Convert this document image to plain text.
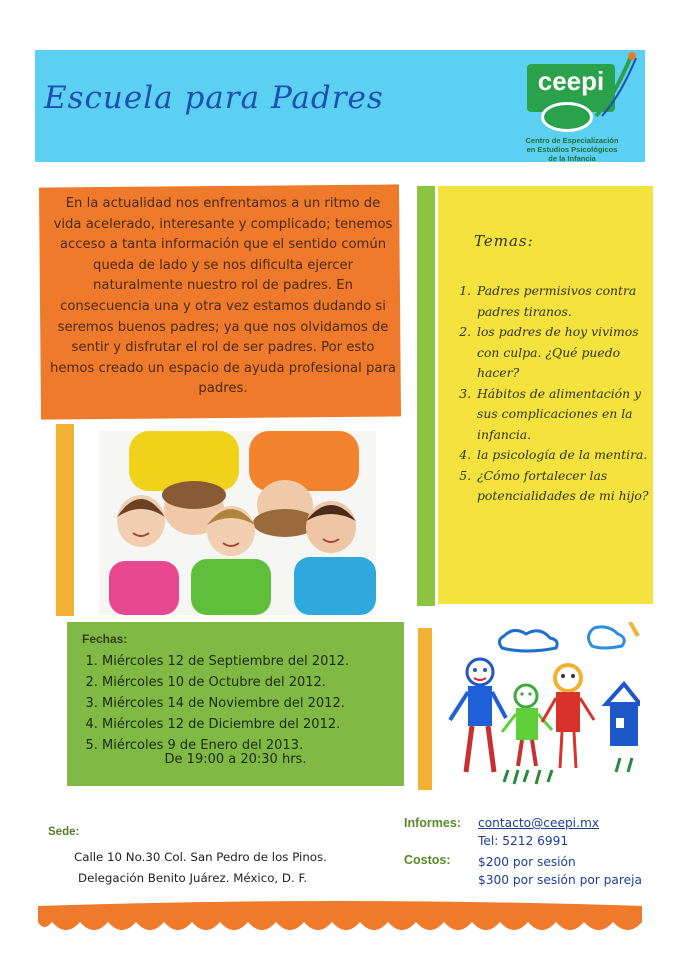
Escuela para Padres	ceepi
Centro de Especialización
en Estudios Psicológicos
de la Infancia

En la actualidad nos enfrentamos a un ritmo de vida acelerado, interesante y complicado; tenemos acceso a tanta información que el sentido común queda de lado y se nos dificulta ejercer naturalmente nuestro rol de padres. En consecuencia una y otra vez estamos dudando si seremos buenos padres; ya que nos olvidamos de sentir y disfrutar el rol de ser padres. Por esto hemos creado un espacio de ayuda profesional para padres.

Temas:
1. Padres permisivos contra padres tiranos.
2. los padres de hoy vivimos con culpa. ¿Qué puedo hacer?
3. Hábitos de alimentación y sus complicaciones en la infancia.
4. la psicología de la mentira.
5. ¿Cómo fortalecer las potencialidades de mi hijo?
Fechas:
1. Miércoles 12 de Septiembre del 2012.
2. Miércoles 10 de Octubre del 2012.
3. Miércoles 14 de Noviembre del 2012.
4. Miércoles 12 de Diciembre del 2012.
5. Miércoles 9 de Enero del 2013.

De 19:00 a 20:30 hrs.

Sede:

Calle 10 No.30 Col. San Pedro de los Pinos.
Delegación Benito Juárez. México, D. F.

Informes: contacto@ceepi.mx

Tel: 5212 6991

Costos: $200 por sesión
$300 por sesión por pareja
